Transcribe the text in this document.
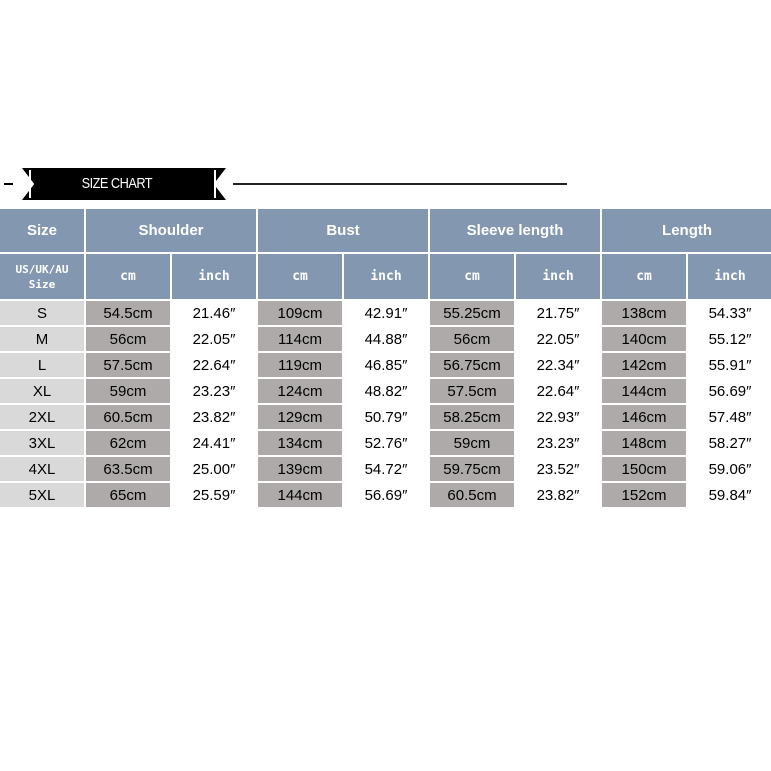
SIZE CHART
Size	Shoulder		Bust		Sleeve length		Length	
US/UK/AU
Size	cm	inch	cm	inch	cm	inch	cm	inch
S	54.5cm	21.46″	109cm	42.91″	55.25cm	21.75″	138cm	54.33″
M	56cm	22.05″	114cm	44.88″	56cm	22.05″	140cm	55.12″
L	57.5cm	22.64″	119cm	46.85″	56.75cm	22.34″	142cm	55.91″
XL	59cm	23.23″	124cm	48.82″	57.5cm	22.64″	144cm	56.69″
2XL	60.5cm	23.82″	129cm	50.79″	58.25cm	22.93″	146cm	57.48″
3XL	62cm	24.41″	134cm	52.76″	59cm	23.23″	148cm	58.27″
4XL	63.5cm	25.00″	139cm	54.72″	59.75cm	23.52″	150cm	59.06″
5XL	65cm	25.59″	144cm	56.69″	60.5cm	23.82″	152cm	59.84″
